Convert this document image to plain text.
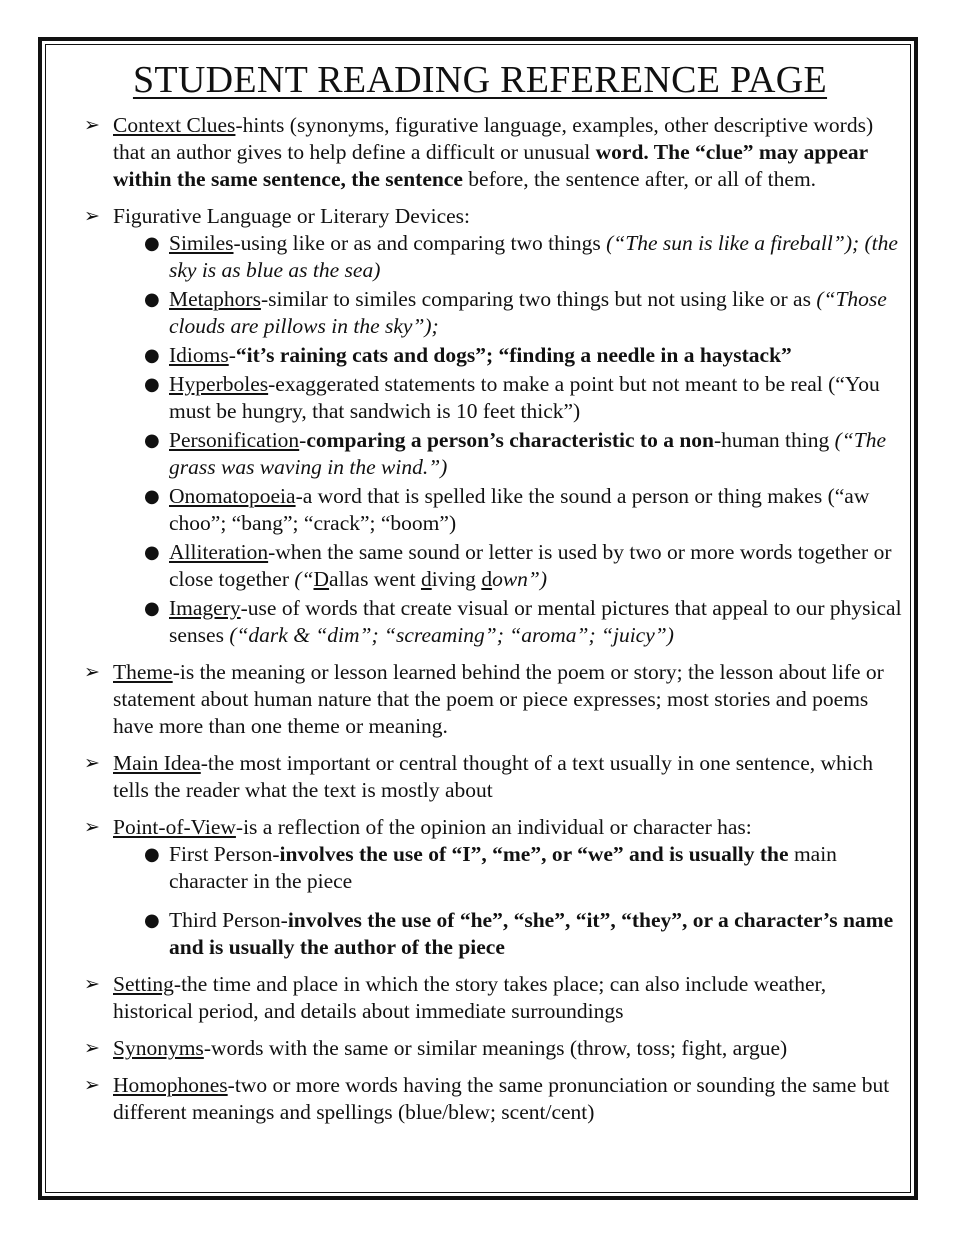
STUDENT READING REFERENCE PAGE
➢ Context Clues-hints (synonyms, figurative language, examples, other descriptive words) that an author gives to help define a difficult or unusual word. The “clue” may appear within the same sentence, the sentence before, the sentence after, or all of them.
➢ Figurative Language or Literary Devices:
● Similes-using like or as and comparing two things (“The sun is like a fireball”); (the sky is as blue as the sea)
● Metaphors-similar to similes comparing two things but not using like or as (“Those clouds are pillows in the sky”);
● Idioms-“it’s raining cats and dogs”; “finding a needle in a haystack”
● Hyperboles-exaggerated statements to make a point but not meant to be real (“You must be hungry, that sandwich is 10 feet thick”)
● Personification-comparing a person’s characteristic to a non-human thing (“The grass was waving in the wind.”)
● Onomatopoeia-a word that is spelled like the sound a person or thing makes (“aw choo”; “bang”; “crack”; “boom”)
● Alliteration-when the same sound or letter is used by two or more words together or close together (“Dallas went diving down”)
● Imagery-use of words that create visual or mental pictures that appeal to our physical senses (“dark & “dim”; “screaming”; “aroma”; “juicy”)
➢ Theme-is the meaning or lesson learned behind the poem or story; the lesson about life or statement about human nature that the poem or piece expresses; most stories and poems have more than one theme or meaning.
➢ Main Idea-the most important or central thought of a text usually in one sentence, which tells the reader what the text is mostly about
➢ Point-of-View-is a reflection of the opinion an individual or character has:
● First Person-involves the use of “I”, “me”, or “we” and is usually the main character in the piece
● Third Person-involves the use of “he”, “she”, “it”, “they”, or a character’s name and is usually the author of the piece
➢ Setting-the time and place in which the story takes place; can also include weather, historical period, and details about immediate surroundings
➢ Synonyms-words with the same or similar meanings (throw, toss; fight, argue)
➢ Homophones-two or more words having the same pronunciation or sounding the same but different meanings and spellings (blue/blew; scent/cent)
